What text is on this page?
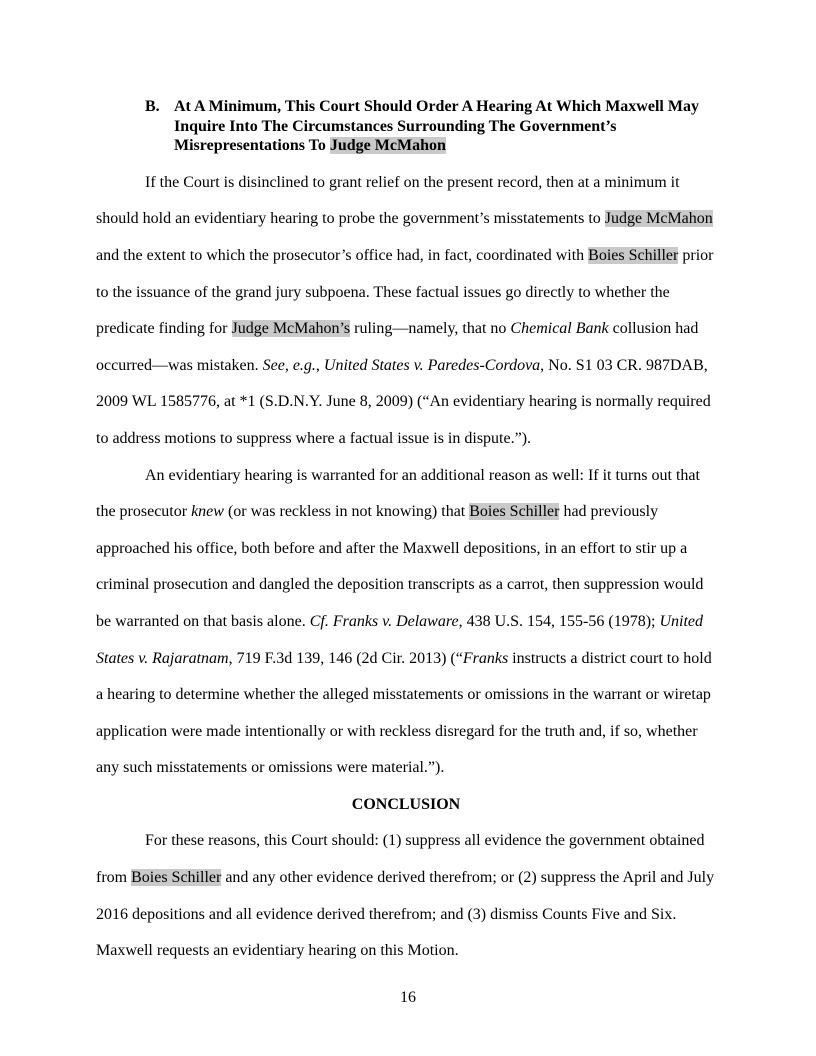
B. At A Minimum, This Court Should Order A Hearing At Which Maxwell May Inquire Into The Circumstances Surrounding The Government’s Misrepresentations To Judge McMahon

If the Court is disinclined to grant relief on the present record, then at a minimum it should hold an evidentiary hearing to probe the government’s misstatements to Judge McMahon and the extent to which the prosecutor’s office had, in fact, coordinated with Boies Schiller prior to the issuance of the grand jury subpoena. These factual issues go directly to whether the predicate finding for Judge McMahon’s ruling—namely, that no Chemical Bank collusion had occurred—was mistaken. See, e.g., United States v. Paredes-Cordova, No. S1 03 CR. 987DAB, 2009 WL 1585776, at *1 (S.D.N.Y. June 8, 2009) (“An evidentiary hearing is normally required to address motions to suppress where a factual issue is in dispute.”).

An evidentiary hearing is warranted for an additional reason as well: If it turns out that the prosecutor knew (or was reckless in not knowing) that Boies Schiller had previously approached his office, both before and after the Maxwell depositions, in an effort to stir up a criminal prosecution and dangled the deposition transcripts as a carrot, then suppression would be warranted on that basis alone. Cf. Franks v. Delaware, 438 U.S. 154, 155-56 (1978); United States v. Rajaratnam, 719 F.3d 139, 146 (2d Cir. 2013) (“Franks instructs a district court to hold a hearing to determine whether the alleged misstatements or omissions in the warrant or wiretap application were made intentionally or with reckless disregard for the truth and, if so, whether any such misstatements or omissions were material.”).

CONCLUSION

For these reasons, this Court should: (1) suppress all evidence the government obtained from Boies Schiller and any other evidence derived therefrom; or (2) suppress the April and July 2016 depositions and all evidence derived therefrom; and (3) dismiss Counts Five and Six. Maxwell requests an evidentiary hearing on this Motion.

16
